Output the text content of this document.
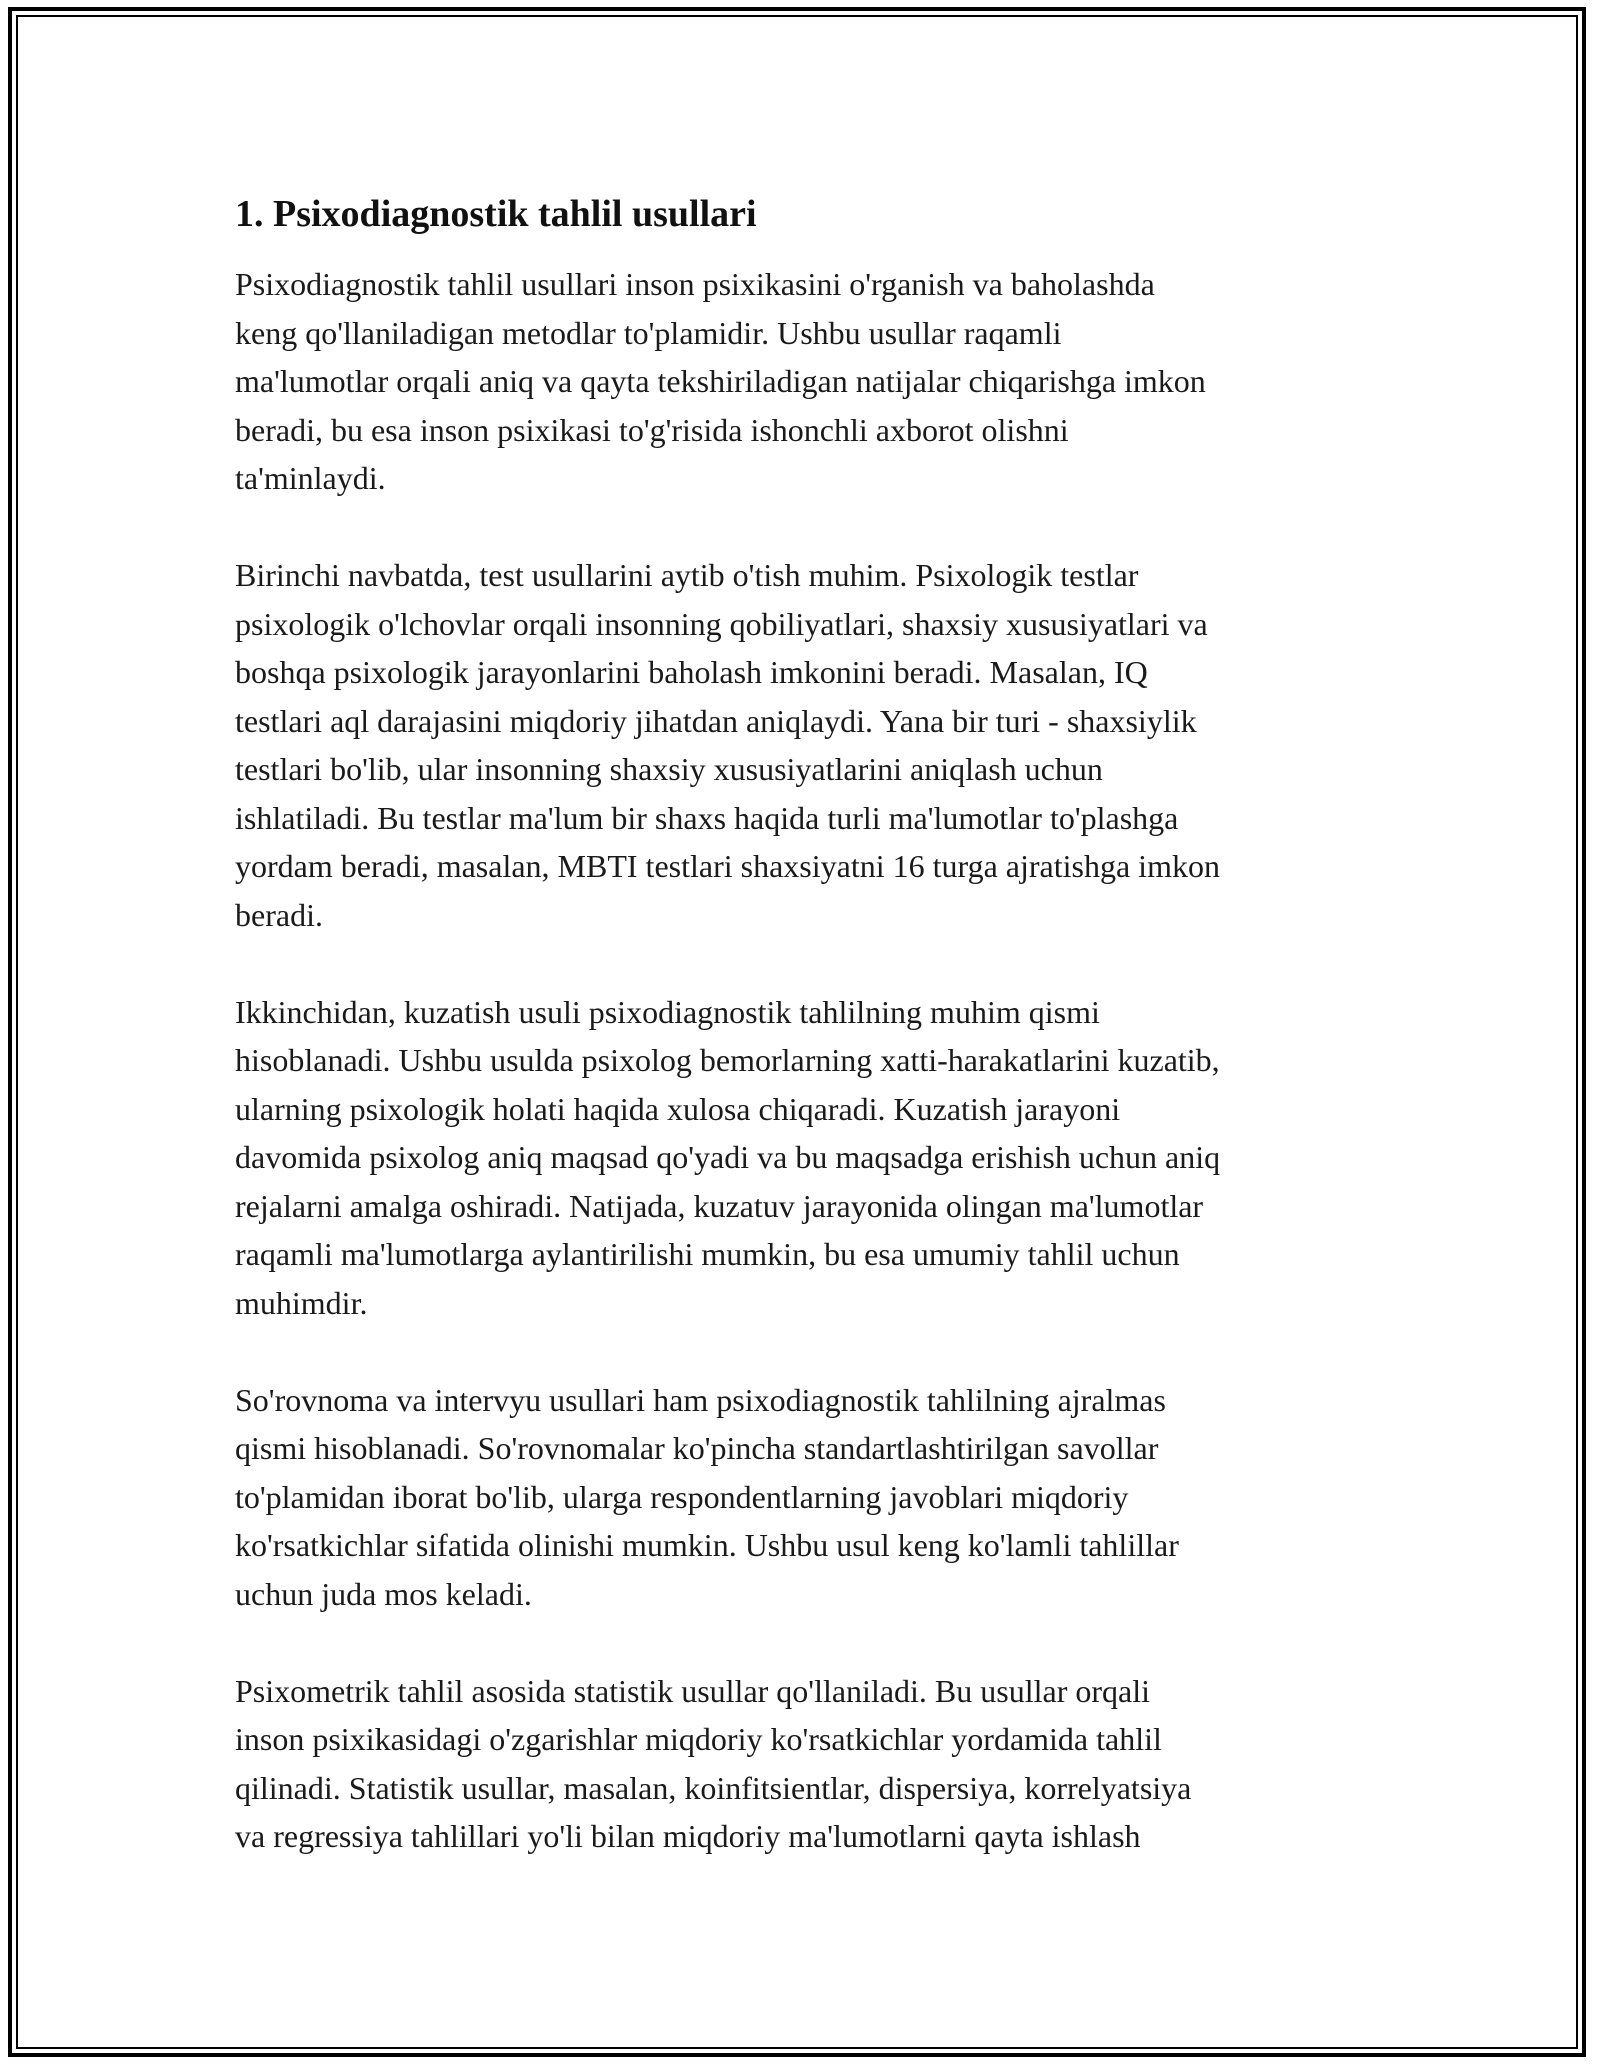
1. Psixodiagnostik tahlil usullari
Psixodiagnostik tahlil usullari inson psixikasini o'rganish va baholashda
keng qo'llaniladigan metodlar to'plamidir. Ushbu usullar raqamli
ma'lumotlar orqali aniq va qayta tekshiriladigan natijalar chiqarishga imkon
beradi, bu esa inson psixikasi to'g'risida ishonchli axborot olishni
ta'minlaydi.
Birinchi navbatda, test usullarini aytib o'tish muhim. Psixologik testlar
psixologik o'lchovlar orqali insonning qobiliyatlari, shaxsiy xususiyatlari va
boshqa psixologik jarayonlarini baholash imkonini beradi. Masalan, IQ
testlari aql darajasini miqdoriy jihatdan aniqlaydi. Yana bir turi - shaxsiylik
testlari bo'lib, ular insonning shaxsiy xususiyatlarini aniqlash uchun
ishlatiladi. Bu testlar ma'lum bir shaxs haqida turli ma'lumotlar to'plashga
yordam beradi, masalan, MBTI testlari shaxsiyatni 16 turga ajratishga imkon
beradi.
Ikkinchidan, kuzatish usuli psixodiagnostik tahlilning muhim qismi
hisoblanadi. Ushbu usulda psixolog bemorlarning xatti-harakatlarini kuzatib,
ularning psixologik holati haqida xulosa chiqaradi. Kuzatish jarayoni
davomida psixolog aniq maqsad qo'yadi va bu maqsadga erishish uchun aniq
rejalarni amalga oshiradi. Natijada, kuzatuv jarayonida olingan ma'lumotlar
raqamli ma'lumotlarga aylantirilishi mumkin, bu esa umumiy tahlil uchun
muhimdir.
So'rovnoma va intervyu usullari ham psixodiagnostik tahlilning ajralmas
qismi hisoblanadi. So'rovnomalar ko'pincha standartlashtirilgan savollar
to'plamidan iborat bo'lib, ularga respondentlarning javoblari miqdoriy
ko'rsatkichlar sifatida olinishi mumkin. Ushbu usul keng ko'lamli tahlillar
uchun juda mos keladi.
Psixometrik tahlil asosida statistik usullar qo'llaniladi. Bu usullar orqali
inson psixikasidagi o'zgarishlar miqdoriy ko'rsatkichlar yordamida tahlil
qilinadi. Statistik usullar, masalan, koinfitsientlar, dispersiya, korrelyatsiya
va regressiya tahlillari yo'li bilan miqdoriy ma'lumotlarni qayta ishlash
